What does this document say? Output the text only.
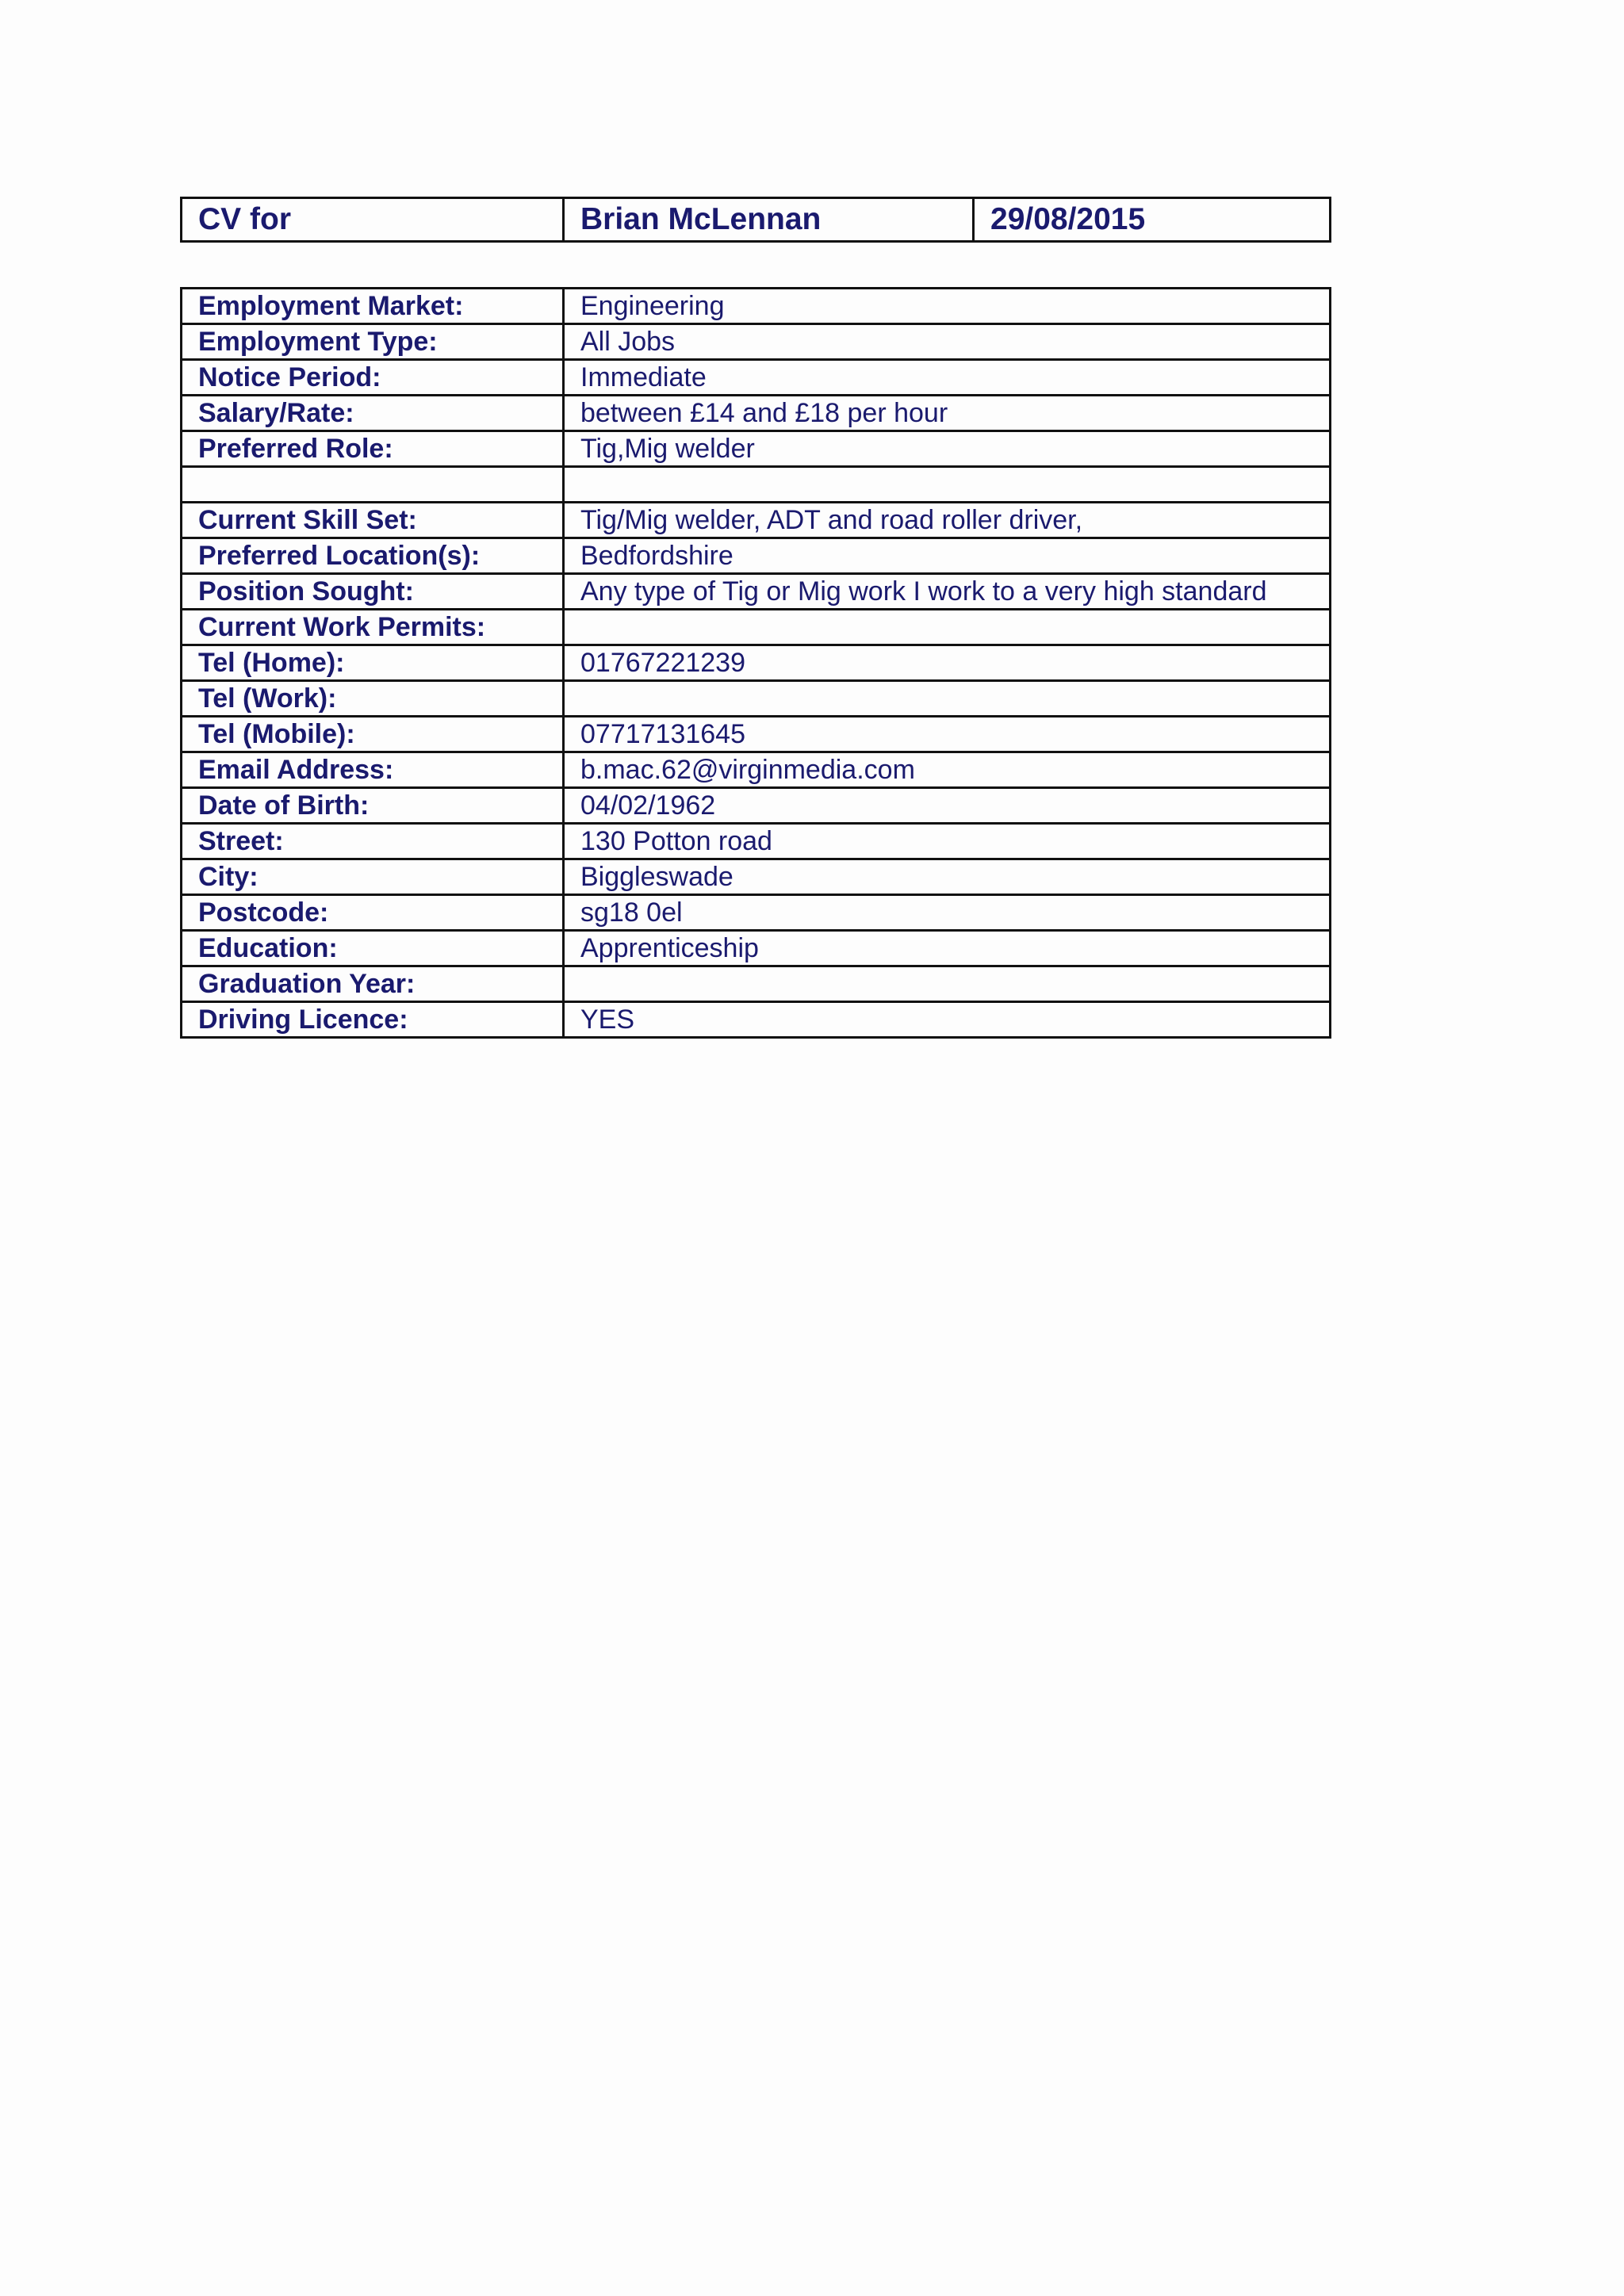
CV for	Brian McLennan	29/08/2015
Employment Market:	Engineering
Employment Type:	All Jobs
Notice Period:	Immediate
Salary/Rate:	between £14 and £18 per hour
Preferred Role:	Tig,Mig welder

Current Skill Set:	Tig/Mig welder, ADT and road roller driver,
Preferred Location(s):	Bedfordshire
Position Sought:	Any type of Tig or Mig work I work to a very high standard
Current Work Permits:	
Tel (Home):	01767221239
Tel (Work):	
Tel (Mobile):	07717131645
Email Address:	b.mac.62@virginmedia.com
Date of Birth:	04/02/1962
Street:	130 Potton road
City:	Biggleswade
Postcode:	sg18 0el
Education:	Apprenticeship
Graduation Year:	
Driving Licence:	YES
